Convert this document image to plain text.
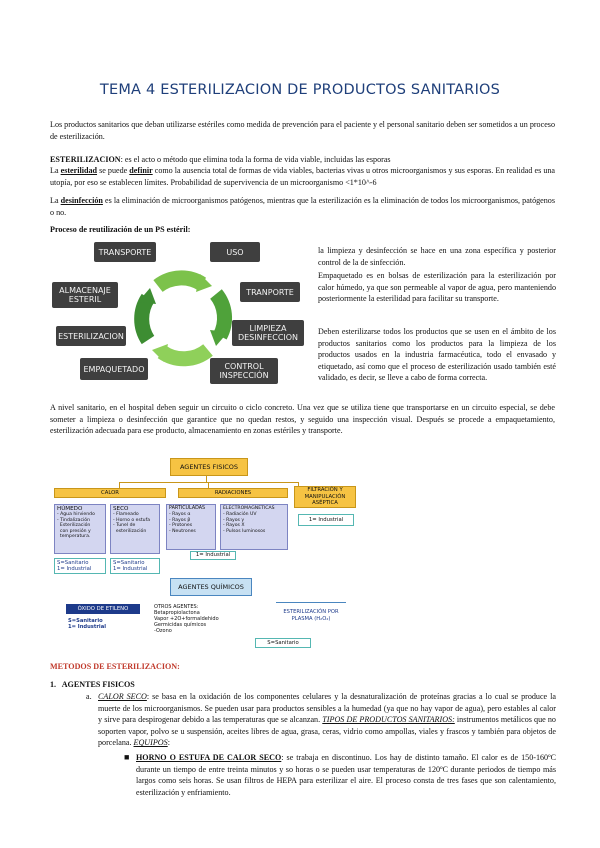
TEMA 4 ESTERILIZACION DE PRODUCTOS SANITARIOS

Los productos sanitarios que deban utilizarse estériles como medida de prevención para el paciente y el personal sanitario deben ser sometidos a un proceso de esterilización.

ESTERILIZACION: es el acto o método que elimina toda la forma de vida viable, incluidas las esporas

La esterilidad se puede definir como la ausencia total de formas de vida viables, bacterias vivas u otros microorganismos y sus esporas. En realidad es una utopía, por eso se establecen límites. Probabilidad de supervivencia de un microorganismo <1*10^-6

La desinfección es la eliminación de microorganismos patógenos, mientras que la esterilización es la eliminación de todos los microorganismos, patógenos o no.

Proceso de reutilización de un PS estéril:

TRANSPORTE	USO
ALMACENAJE ESTERIL
TRANPORTE
ESTERILIZACION
LIMPIEZA DESINFECCION
EMPAQUETADO	CONTROL INSPECCIÓN

la limpieza y desinfección se hace en una zona específica y posterior control de la de sinfección.

Empaquetado es en bolsas de esterilización para la esterilización por calor húmedo, ya que son permeable al vapor de agua, pero manteniendo posteriormente la esterilidad para facilitar su transporte.

Deben esterilizarse todos los productos que se usen en el ámbito de los productos sanitarios como los productos para la limpieza de los productos usados en la industria farmacéutica, todo el envasado y etiquetado, así como que el proceso de esterilización usado también esté validado, es decir, se lleve a cabo de forma correcta.

A nivel sanitario, en el hospital deben seguir un circuito o ciclo concreto. Una vez que se utiliza tiene que transportarse en un circuito especial, se debe someter a limpieza o desinfección que garantice que no quedan restos, y seguido una inspección visual. Después se procede a empaquetamiento, esterilización adecuada para ese producto, almacenamiento en zonas estériles y transporte.

AGENTES FISICOS
CALOR	RADIACIONES	FILTRACIÓN Y MANIPULACIÓN ASÉPTICA
HÚMEDO
- Agua hirviendo
- Tindalización
Esterilización
con presión y
temperatura.
SECO
- Flameado
- Horno o estufa
- Tunel de
esterilización
PARTICULADAS
- Rayos α
- Rayos β
- Protones
- Neutrones
ELECTROMAGNETICAS
- Radiación UV
- Rayos γ
- Rayos X
- Pulsos luminosos
1= Industrial
S=Sanitario
1= Industrial
S=Sanitario
1= Industrial
1= Industrial
AGENTES QUÍMICOS
ÓXIDO DE ETILENO
S=Sanitario
1= Industrial
OTROS AGENTES:
Betapropiolactona
Vapor +2O+formaldehido
Germicidas químicos
-Ozono
ESTERILIZACIÓN POR PLASMA (H₂O₂)
S=Sanitario

METODOS DE ESTERILIZACION:

1.   AGENTES FISICOS

a. CALOR SECO: se basa en la oxidación de los componentes celulares y la desnaturalización de proteínas gracias a lo cual se produce la muerte de los microorganismos. Se pueden usar para productos sensibles a la humedad (ya que no hay vapor de agua), pero estables al calor y sirve para despirogenar debido a las temperaturas que se alcanzan. TIPOS DE PRODUCTOS SANITARIOS: instrumentos metálicos que no soporten vapor, polvo se u suspensión, aceites libres de agua, grasa, ceras, vidrio como ampollas, viales y frascos y también para objetos de porcelana. EQUIPOS:

■ HORNO O ESTUFA DE CALOR SECO: se trabaja en discontinuo. Los hay de distinto tamaño. El calor es de 150-160ºC durante un tiempo de entre treinta minutos y so horas o se pueden usar temperaturas de 120ºC durante periodos de tiempo más largos como seis horas. Se usan filtros de HEPA para esterilizar el aire. El proceso consta de tres fases que son calentamiento, esterilización y enfriamiento.
